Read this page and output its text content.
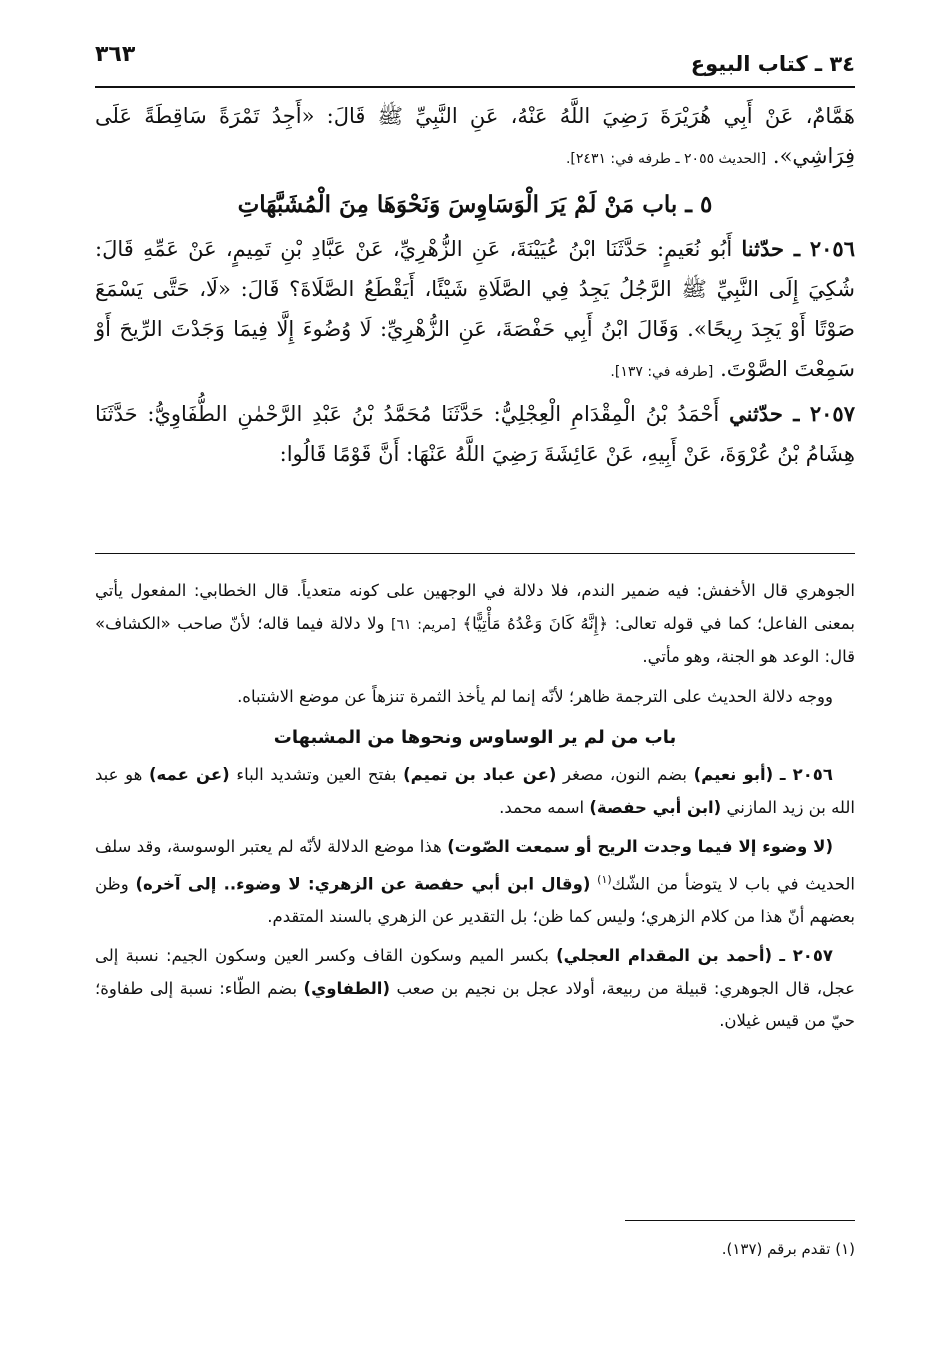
٣٤ ـ كتاب البيوع
٣٦٣

هَمَّامٌ، عَنْ أَبِي هُرَيْرَةَ رَضِيَ اللَّهُ عَنْهُ، عَنِ النَّبِيِّ ﷺ قَالَ: «أَجِدُ تَمْرَةً سَاقِطَةً عَلَى فِرَاشِي». [الحديث ٢٠٥٥ ـ طرفه في: ٢٤٣١].

٥ ـ باب مَنْ لَمْ يَرَ الْوَسَاوِسَ وَنَحْوَهَا مِنَ الْمُشَبَّهَاتِ

٢٠٥٦ ـ حدّثنا أَبُو نُعَيمٍ: حَدَّثَنَا ابْنُ عُيَيْنَةَ، عَنِ الزُّهْرِيِّ، عَنْ عَبَّادِ بْنِ تَمِيمٍ، عَنْ عَمِّهِ قَالَ: شُكِيَ إِلَى النَّبِيِّ ﷺ الرَّجُلُ يَجِدُ فِي الصَّلَاةِ شَيْئًا، أَيَقْطَعُ الصَّلَاةَ؟ قَالَ: «لَا، حَتَّى يَسْمَعَ صَوْتًا أَوْ يَجِدَ رِيحًا». وَقَالَ ابْنُ أَبِي حَفْصَةَ، عَنِ الزُّهْرِيِّ: لَا وُضُوءَ إِلَّا فِيمَا وَجَدْتَ الرِّيحَ أَوْ سَمِعْتَ الصَّوْتَ. [طرفه في: ١٣٧].

٢٠٥٧ ـ حدّثني أَحْمَدُ بْنُ الْمِقْدَامِ الْعِجْلِيُّ: حَدَّثَنَا مُحَمَّدُ بْنُ عَبْدِ الرَّحْمٰنِ الطُّفَاوِيُّ: حَدَّثَنَا هِشَامُ بْنُ عُرْوَةَ، عَنْ أَبِيهِ، عَنْ عَائِشَةَ رَضِيَ اللَّهُ عَنْهَا: أَنَّ قَوْمًا قَالُوا:

الجوهري قال الأخفش: فيه ضمير الندم، فلا دلالة في الوجهين على كونه متعدياً. قال الخطابي: المفعول يأتي بمعنى الفاعل؛ كما في قوله تعالى: ﴿إِنَّهُ كَانَ وَعْدُهُ مَأْتِيًّا﴾ [مريم: ٦١] ولا دلالة فيما قاله؛ لأنّ صاحب «الكشاف» قال: الوعد هو الجنة، وهو مأتي.

ووجه دلالة الحديث على الترجمة ظاهر؛ لأنّه إنما لم يأخذ الثمرة تنزهاً عن موضع الاشتباه.

باب من لم ير الوساوس ونحوها من المشبهات

٢٠٥٦ ـ (أبو نعيم) بضم النون، مصغر (عن عباد بن تميم) بفتح العين وتشديد الباء (عن عمه) هو عبد الله بن زيد المازني (ابن أبي حفصة) اسمه محمد.

(لا وضوء إلا فيما وجدت الريح أو سمعت الصّوت) هذا موضع الدلالة لأنّه لم يعتبر الوسوسة، وقد سلف الحديث في باب لا يتوضأ من الشّك$^{(١)}$ (وقال ابن أبي حفصة عن الزهري: لا وضوء.. إلى آخره) وظن بعضهم أنّ هذا من كلام الزهري؛ وليس كما ظن؛ بل التقدير عن الزهري بالسند المتقدم.

٢٠٥٧ ـ (أحمد بن المقدام العجلي) بكسر الميم وسكون القاف وكسر العين وسكون الجيم: نسبة إلى عجل، قال الجوهري: قبيلة من ربيعة، أولاد عجل بن نجيم بن صعب (الطفاوي) بضم الطّاء: نسبة إلى طفاوة؛ حيّ من قيس غيلان.

(١) تقدم برقم (١٣٧).
